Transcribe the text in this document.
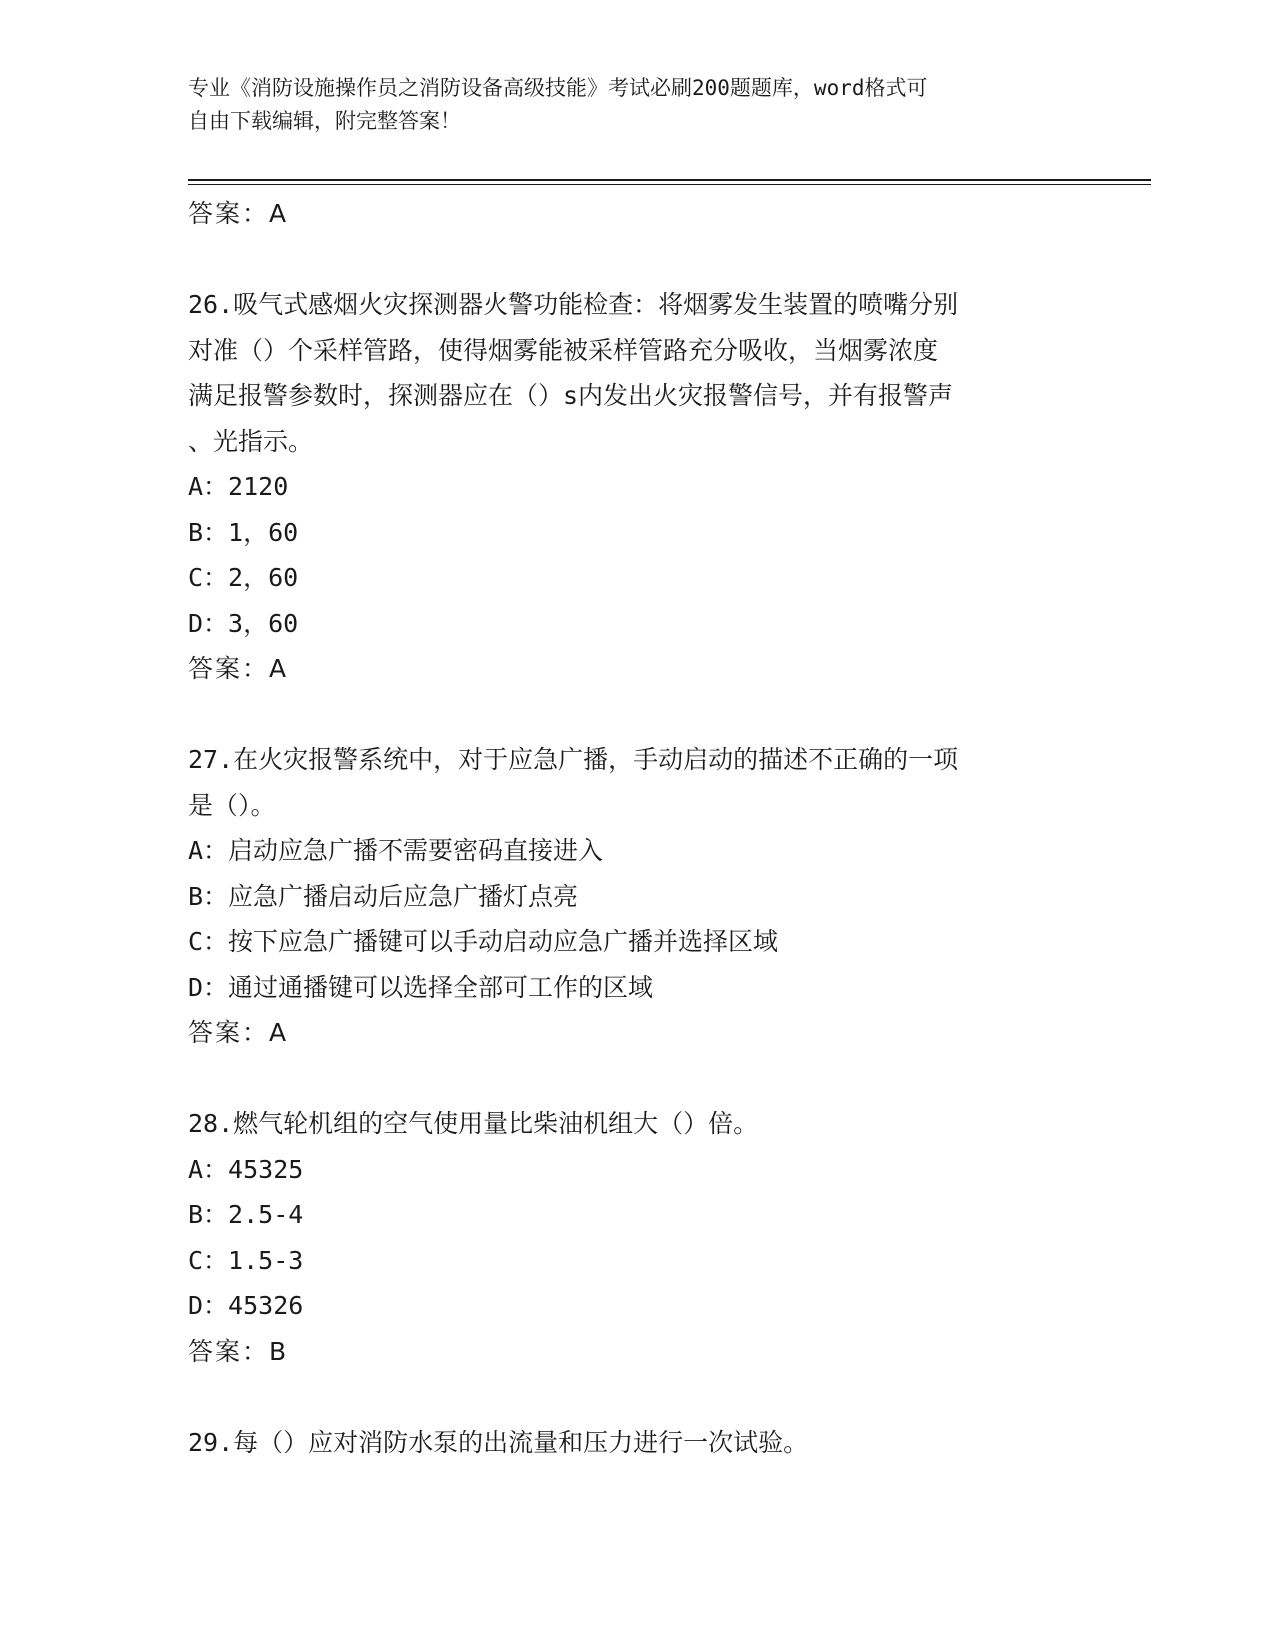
专业《消防设施操作员之消防设备高级技能》考试必刷200题题库，word格式可
自由下载编辑，附完整答案！
答案：A
26.吸气式感烟火灾探测器火警功能检查：将烟雾发生装置的喷嘴分别
对准（）个采样管路，使得烟雾能被采样管路充分吸收，当烟雾浓度
满足报警参数时，探测器应在（）s内发出火灾报警信号，并有报警声
、光指示。
A：2120
B：1，60
C：2，60
D：3，60
答案：A
27.在火灾报警系统中，对于应急广播，手动启动的描述不正确的一项
是（）。
A：启动应急广播不需要密码直接进入
B：应急广播启动后应急广播灯点亮
C：按下应急广播键可以手动启动应急广播并选择区域
D：通过通播键可以选择全部可工作的区域
答案：A
28.燃气轮机组的空气使用量比柴油机组大（）倍。
A：45325
B：2.5-4
C：1.5-3
D：45326
答案：B
29.每（）应对消防水泵的出流量和压力进行一次试验。
